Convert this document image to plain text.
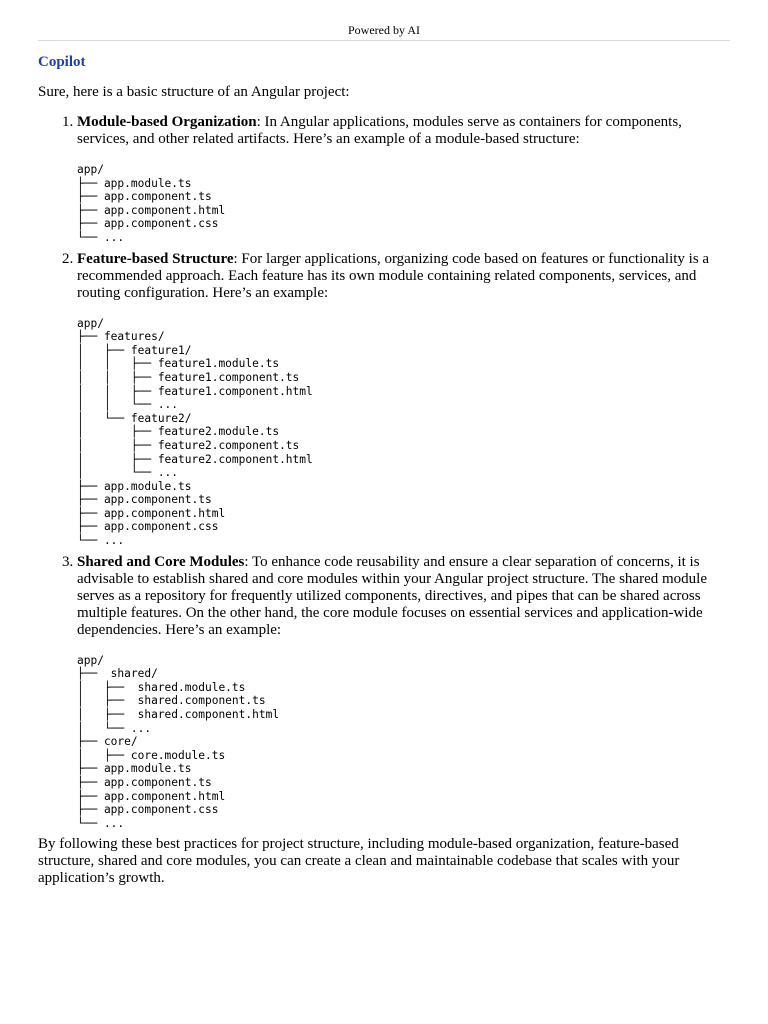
Powered by AI
Copilot

Sure, here is a basic structure of an Angular project:

1. Module-based Organization: In Angular applications, modules serve as containers for components, services, and other related artifacts. Here’s an example of a module-based structure:
app/
├── app.module.ts
├── app.component.ts
├── app.component.html
├── app.component.css
└── ...
2. Feature-based Structure: For larger applications, organizing code based on features or functionality is a recommended approach. Each feature has its own module containing related components, services, and routing configuration. Here’s an example:
app/
├── features/
│   ├── feature1/
│   │   ├── feature1.module.ts
│   │   ├── feature1.component.ts
│   │   ├── feature1.component.html
│   │   └── ...
│   └── feature2/
│       ├── feature2.module.ts
│       ├── feature2.component.ts
│       ├── feature2.component.html
│       └── ...
├── app.module.ts
├── app.component.ts
├── app.component.html
├── app.component.css
└── ...
3. Shared and Core Modules: To enhance code reusability and ensure a clear separation of concerns, it is advisable to establish shared and core modules within your Angular project structure. The shared module serves as a repository for frequently utilized components, directives, and pipes that can be shared across multiple features. On the other hand, the core module focuses on essential services and application-wide dependencies. Here’s an example:
app/
├──  shared/
│   ├──  shared.module.ts
│   ├──  shared.component.ts
│   ├──  shared.component.html
│   └── ...
├── core/
│   ├── core.module.ts
├── app.module.ts
├── app.component.ts
├── app.component.html
├── app.component.css
└── ...

By following these best practices for project structure, including module-based organization, feature-based structure, shared and core modules, you can create a clean and maintainable codebase that scales with your application’s growth.
